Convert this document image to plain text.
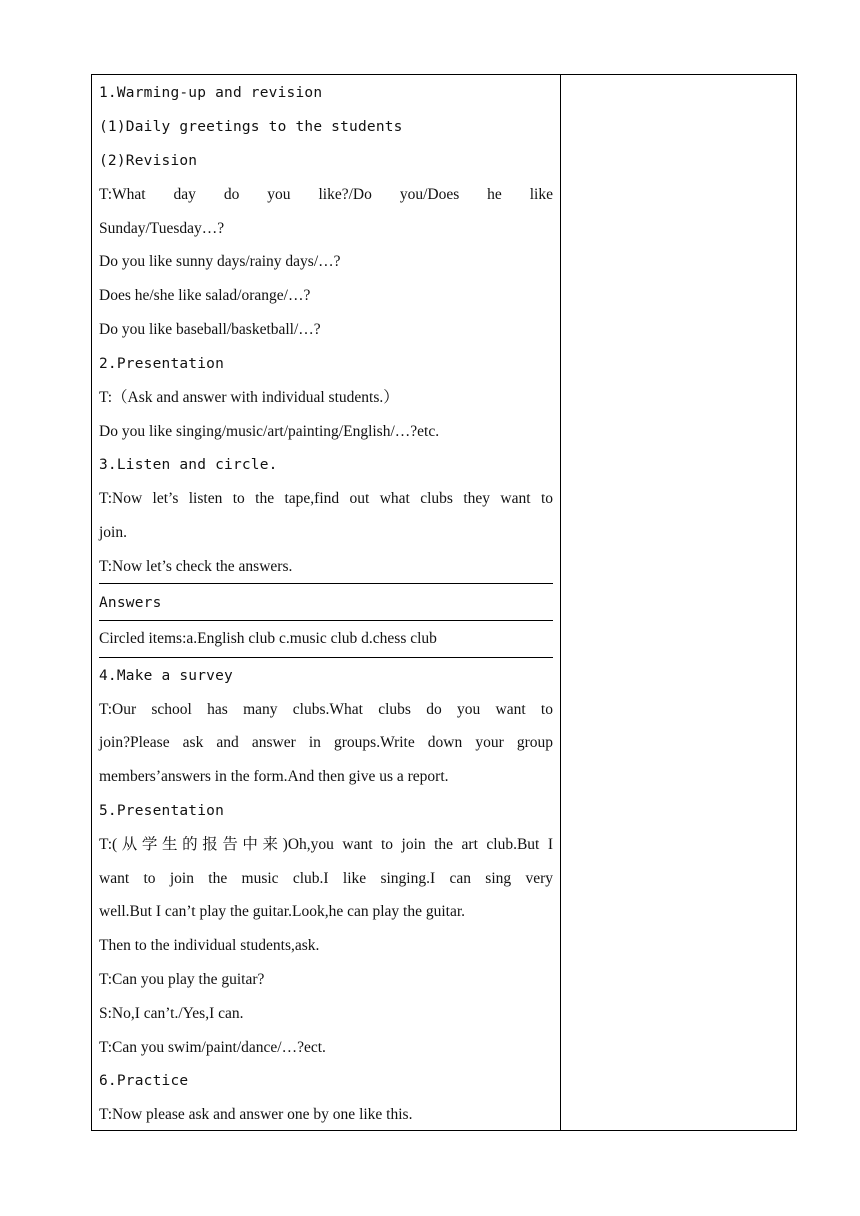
1.Warming-up and revision
(1)Daily greetings to the students
(2)Revision
T:What day do you like?/Do you/Does he like
Sunday/Tuesday…?
Do you like sunny days/rainy days/…?
Does he/she like salad/orange/…?
Do you like baseball/basketball/…?
2.Presentation
T:（Ask and answer with individual students.）
Do you like singing/music/art/painting/English/…?etc.
3.Listen and circle.
T:Now let’s listen to the tape,find out what clubs they want to
join.
T:Now let’s check the answers.
Answers
Circled items:a.English club c.music club d.chess club
4.Make a survey
T:Our school has many clubs.What clubs do you want to
join?Please ask and answer in groups.Write down your group
members’answers in the form.And then give us a report.
5.Presentation
T:(从学生的报告中来)Oh,you want to join the art club.But I
want to join the music club.I like singing.I can sing very
well.But I can’t play the guitar.Look,he can play the guitar.
Then to the individual students,ask.
T:Can you play the guitar?
S:No,I can’t./Yes,I can.
T:Can you swim/paint/dance/…?ect.
6.Practice
T:Now please ask and answer one by one like this.
